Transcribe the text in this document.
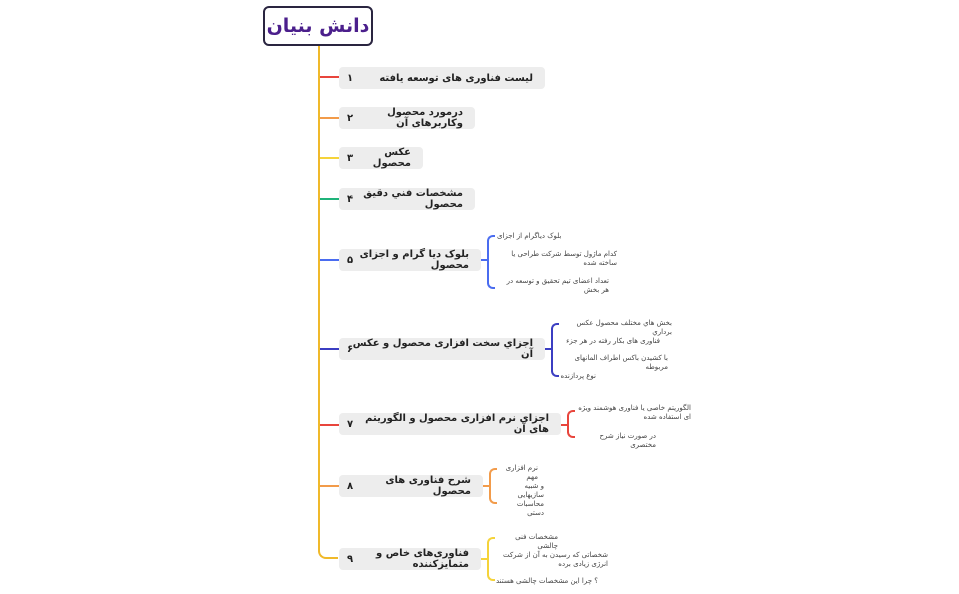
دانش بنیان
لیست فناوری های توسعه یافته
۱
درمورد محصول وکاربرهای آن
۲
عکس محصول
۳
مشخصات فني دقيق محصول
۴
بلوک دیا گرام و اجزای محصول
۵
بلوک دیاگرام از اجزای
کدام ماژول توسط شرکت طراحی یا ساخته شده
تعداد اعضای تیم تحقیق و توسعه در هر بخش
اجزاي سخت افزاری محصول و عکس آن
۶
بخش هاي مختلف محصول عکس برداري
فناوری های بکار رفته در هر جزء
با کشیدن باکس اطراف المانهای مربوطه
نوع پردازنده
اجزای نرم افزاری محصول و الگوریتم های آن
۷
الگوریتم خاصی یا فناوری هوشمند ویژه ای استفاده شده
در صورت نیاز شرح مختصری
شرح فناوری های محصول
۸
نرم افزاری مهم
و شبیه سازیهایی
محاسبات دستی
فناوری‌های خاص و متمایزکننده
۹
مشخصات فنی چالشی
شخصاتی که رسیدن به آن از شرکت انرژی زیادی برده
؟ چرا این مشخصات چالشی هستند
